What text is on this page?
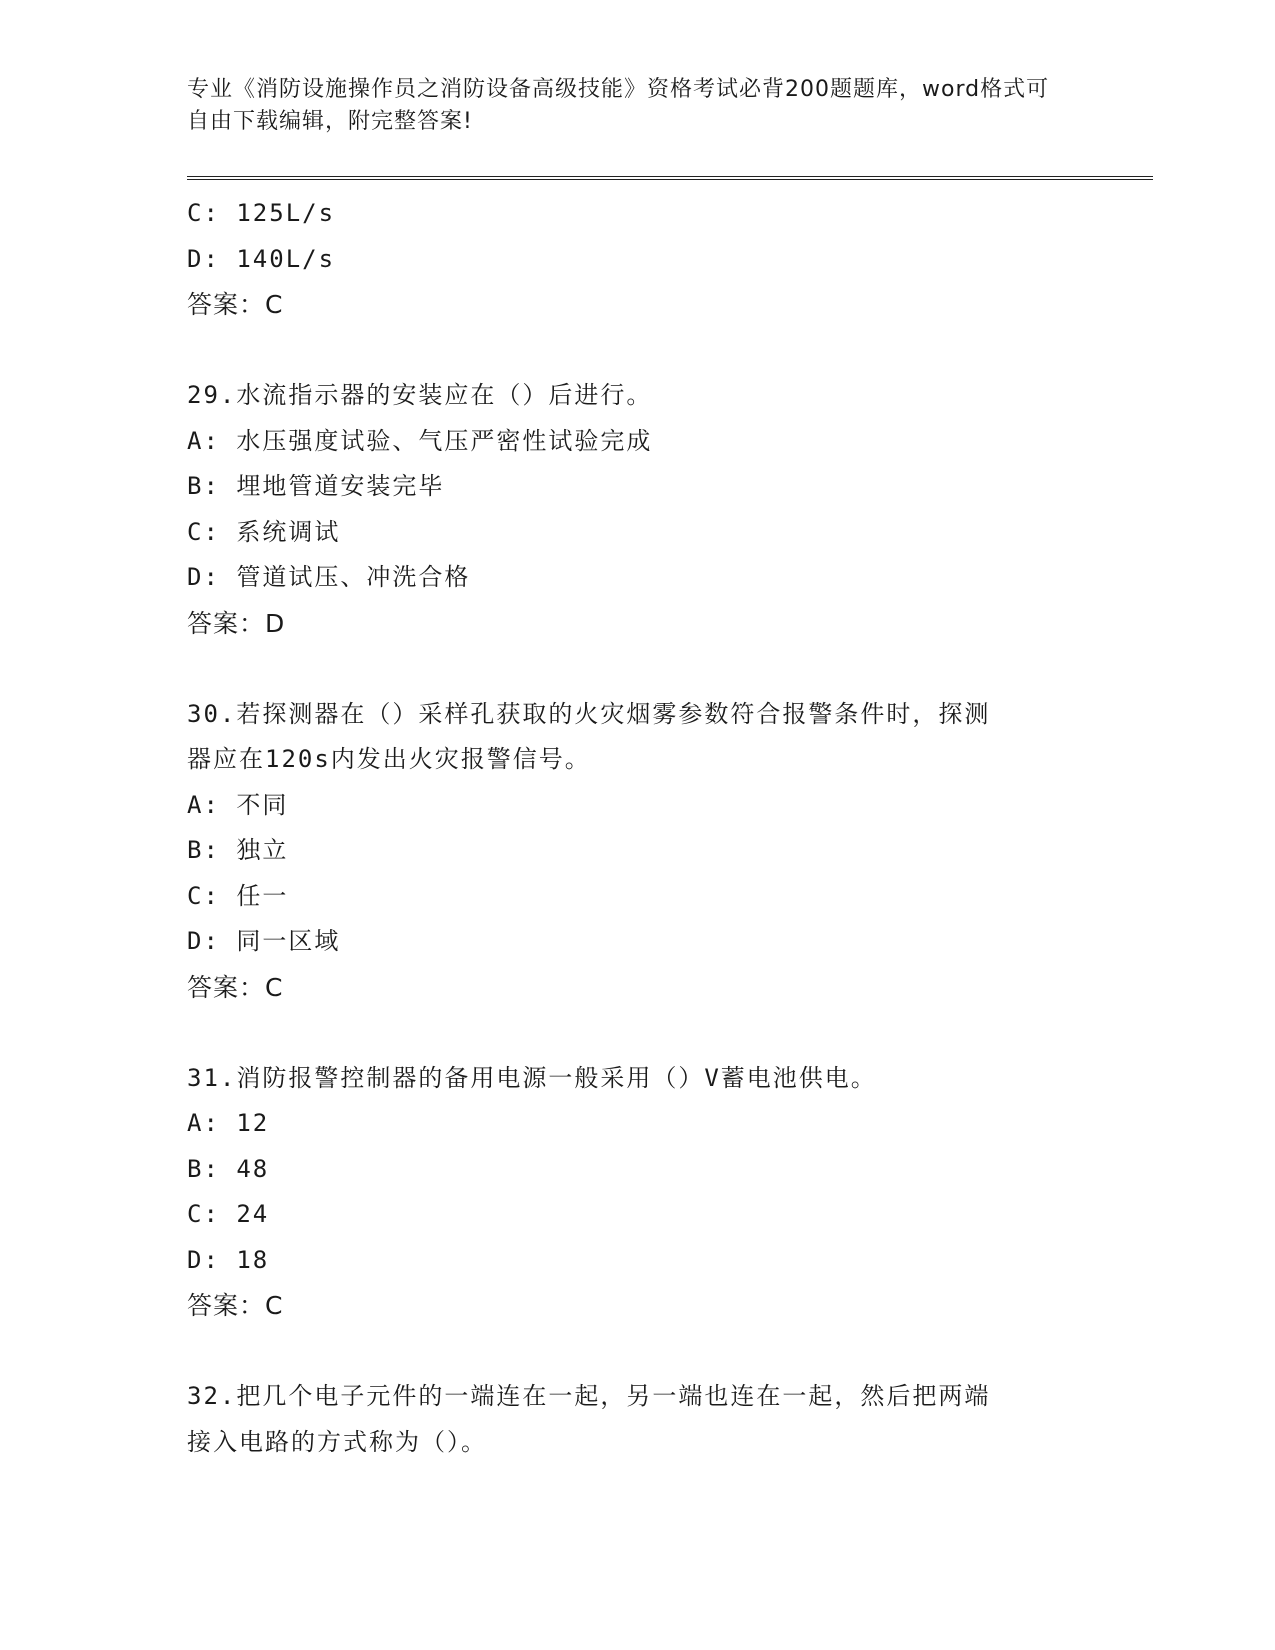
专业《消防设施操作员之消防设备高级技能》资格考试必背200题题库，word格式可自由下载编辑，附完整答案!
C: 125L/s
D: 140L/s
答案：C
29.水流指示器的安装应在（）后进行。
A: 水压强度试验、气压严密性试验完成
B: 埋地管道安装完毕
C: 系统调试
D: 管道试压、冲洗合格
答案：D
30.若探测器在（）采样孔获取的火灾烟雾参数符合报警条件时，探测
器应在120s内发出火灾报警信号。
A: 不同
B: 独立
C: 任一
D: 同一区域
答案：C
31.消防报警控制器的备用电源一般采用（）V蓄电池供电。
A: 12
B: 48
C: 24
D: 18
答案：C
32.把几个电子元件的一端连在一起，另一端也连在一起，然后把两端
接入电路的方式称为（）。
